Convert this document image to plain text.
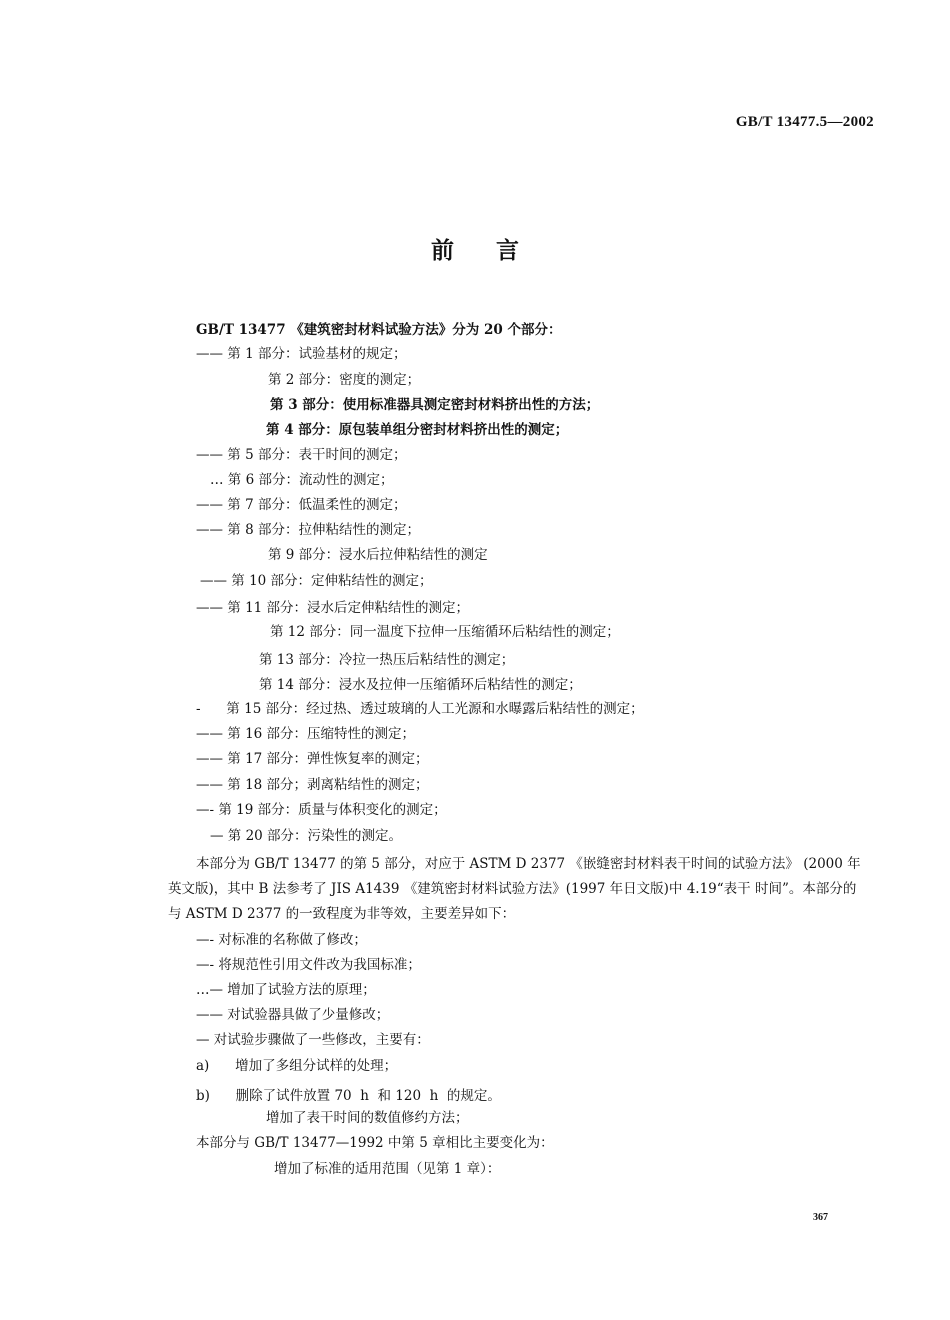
GB/T 13477.5—2002
前言
GB/T 13477 《建筑密封材料试验方法》分为 20 个部分：
—— 第 1 部分：试验基材的规定；
第 2 部分：密度的测定；
第 3 部分：使用标准器具测定密封材料挤出性的方法；
第 4 部分：原包装单组分密封材料挤出性的测定；
—— 第 5 部分：表干时间的测定；
… 第 6 部分：流动性的测定；
—— 第 7 部分：低温柔性的测定；
—— 第 8 部分：拉伸粘结性的测定；
第 9 部分：浸水后拉伸粘结性的测定
—— 第 10 部分：定伸粘结性的测定；
—— 第 11 部分：浸水后定伸粘结性的测定；
第 12 部分：同一温度下拉伸一压缩循环后粘结性的测定；
第 13 部分：冷拉一热压后粘结性的测定；
第 14 部分：浸水及拉伸一压缩循环后粘结性的测定；
-      第 15 部分：经过热、透过玻璃的人工光源和水曝露后粘结性的测定；
—— 第 16 部分：压缩特性的测定；
—— 第 17 部分：弹性恢复率的测定；
—— 第 18 部分；剥离粘结性的测定；
—- 第 19 部分：质量与体积变化的测定；
— 第 20 部分：污染性的测定。
本部分为 GB/T 13477 的第 5 部分，对应于 ASTM D 2377 《嵌缝密封材料表干时间的试验方法》 (2000 年英文版)，其中 B 法参考了 JIS A1439 《建筑密封材料试验方法》(1997 年日文版)中 4.19“表干 时间”。本部分的与 ASTM D 2377 的一致程度为非等效，主要差异如下：
—- 对标准的名称做了修改；
—- 将规范性引用文件改为我国标准；
…— 增加了试验方法的原理；
—— 对试验器具做了少量修改；
— 对试验步骤做了一些修改，主要有：
a)      增加了多组分试样的处理；
b)      删除了试件放置 70  h  和 120  h  的规定。
增加了表干时间的数值修约方法；
本部分与 GB/T 13477—1992 中第 5 章相比主要变化为：
增加了标准的适用范围（见第 1 章）：
367
